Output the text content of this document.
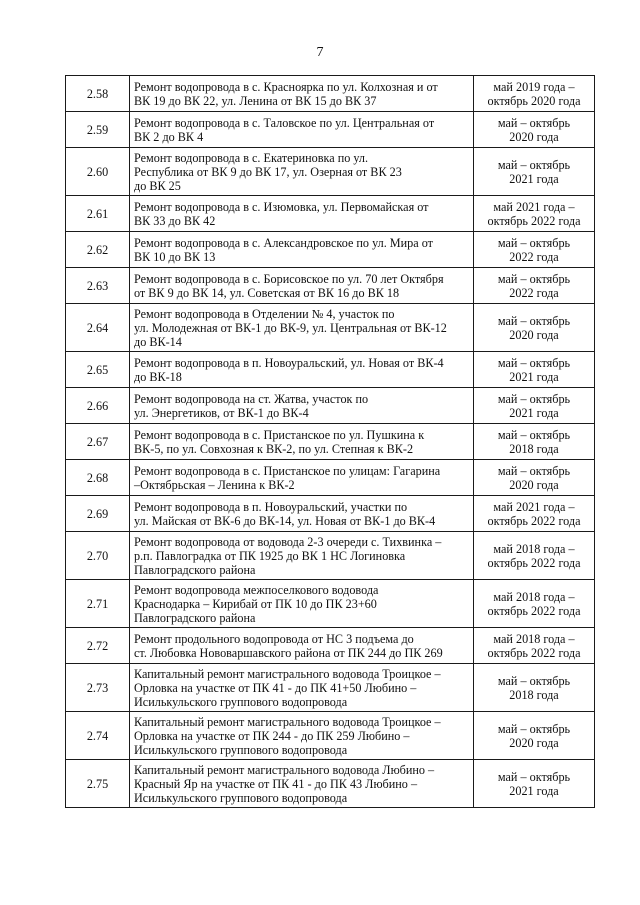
7
2.58	Ремонт водопровода в с. Красноярка по ул. Колхозная и от
ВК 19 до ВК 22, ул. Ленина от ВК 15 до ВК 37	май 2019 года –
октябрь 2020 года

2.59	Ремонт водопровода в с. Таловское по ул. Центральная от
ВК 2 до ВК 4	май – октябрь
2020 года

2.60	Ремонт водопровода в с. Екатериновка по ул.
Республика от ВК 9 до ВК 17, ул. Озерная от ВК 23
до ВК 25	май – октябрь
2021 года

2.61	Ремонт водопровода в с. Изюмовка, ул. Первомайская от
ВК 33 до ВК 42	май 2021 года –
октябрь 2022 года

2.62	Ремонт водопровода в с. Александровское по ул. Мира от
ВК 10 до ВК 13	май – октябрь
2022 года

2.63	Ремонт водопровода в с. Борисовское по ул. 70 лет Октября
от ВК 9 до ВК 14, ул. Советская от ВК 16 до ВК 18	май – октябрь
2022 года

2.64	Ремонт водопровода в Отделении № 4, участок по
ул. Молодежная от ВК-1 до ВК-9, ул. Центральная от ВК-12
до ВК-14	май – октябрь
2020 года

2.65	Ремонт водопровода в п. Новоуральский, ул. Новая от ВК-4
до ВК-18	май – октябрь
2021 года

2.66	Ремонт водопровода на ст. Жатва, участок по
ул. Энергетиков, от ВК-1 до ВК-4	май – октябрь
2021 года

2.67	Ремонт водопровода в с. Пристанское по ул. Пушкина к
ВК-5, по ул. Совхозная к ВК-2, по ул. Степная к ВК-2	май – октябрь
2018 года

2.68	Ремонт водопровода в с. Пристанское по улицам: Гагарина
–Октябрьская – Ленина к ВК-2	май – октябрь
2020 года

2.69	Ремонт водопровода в п. Новоуральский, участки по
ул. Майская от ВК-6 до ВК-14, ул. Новая от ВК-1 до ВК-4	май 2021 года –
октябрь 2022 года

2.70	Ремонт водопровода от водовода 2-3 очереди с. Тихвинка –
р.п. Павлоградка от ПК 1925 до ВК 1 НС Логиновка
Павлоградского района	май 2018 года –
октябрь 2022 года

2.71	Ремонт водопровода межпоселкового водовода
Краснодарка – Кирибай от ПК 10 до ПК 23+60
Павлоградского района	май 2018 года –
октябрь 2022 года

2.72	Ремонт продольного водопровода от НС 3 подъема до
ст. Любовка Нововаршавского района от ПК 244 до ПК 269	май 2018 года –
октябрь 2022 года

2.73	Капитальный ремонт магистрального водовода Троицкое –
Орловка на участке от ПК 41 - до ПК 41+50 Любино –
Исилькульского группового водопровода	май – октябрь
2018 года

2.74	Капитальный ремонт магистрального водовода Троицкое –
Орловка на участке от ПК 244 - до ПК 259 Любино –
Исилькульского группового водопровода	май – октябрь
2020 года

2.75	Капитальный ремонт магистрального водовода Любино –
Красный Яр на участке от ПК 41 - до ПК 43 Любино –
Исилькульского группового водопровода	май – октябрь
2021 года
